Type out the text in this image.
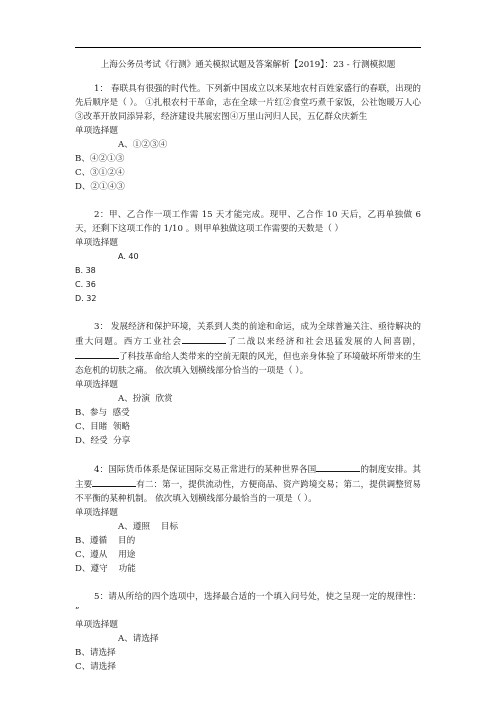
上海公务员考试《行测》通关模拟试题及答案解析【2019】：23 - 行测模拟题

1： 春联具有很强的时代性。下列新中国成立以来某地农村百姓家盛行的春联，出现的先后顺序是（ ）。 ①扎根农村干革命，志在全球一片红②食堂巧煮千家饭，公社饱暖万人心③改革开放同添异彩，经济建设共展宏图④万里山河归人民，五亿群众庆新生

单项选择题

A、①②③④

B、④②①③

C、③①②④

D、②①④③

2：甲、乙合作一项工作需 15 天才能完成。现甲、乙合作 10 天后，乙再单独做 6 天，还剩下这项工作的 1/10 。则甲单独做这项工作需要的天数是（ ）

单项选择题

A. 40

B. 38

C. 36

D. 32

3： 发展经济和保护环境，关系到人类的前途和命运，成为全球普遍关注、亟待解决的重大问题。西方工业社会	了二战以来经济和社会迅猛发展的人间喜剧，了科技革命给人类带来的空前无限的风光，但也亲身体验了环境破坏所带来的生态危机的切肤之痛。 依次填入划横线部分恰当的一项是（ ）。

单项选择题

A、扮演  欣赏

B、参与  感受

C、目睹  领略

D、经受  分享

4：国际货币体系是保证国际交易正常进行的某种世界各国	的制度安排。其主要	有二：第一，提供流动性，方便商品、资产跨境交易；第二，提供调整贸易不平衡的某种机制。 依次填入划横线部分最恰当的一项是（ ）。

单项选择题

A、遵照    目标

B、遵循    目的

C、遵从    用途

D、遵守    功能

5：请从所给的四个选项中，选择最合适的一个填入问号处，使之呈现一定的规律性： ”

单项选择题

A、请选择

B、请选择

C、请选择
